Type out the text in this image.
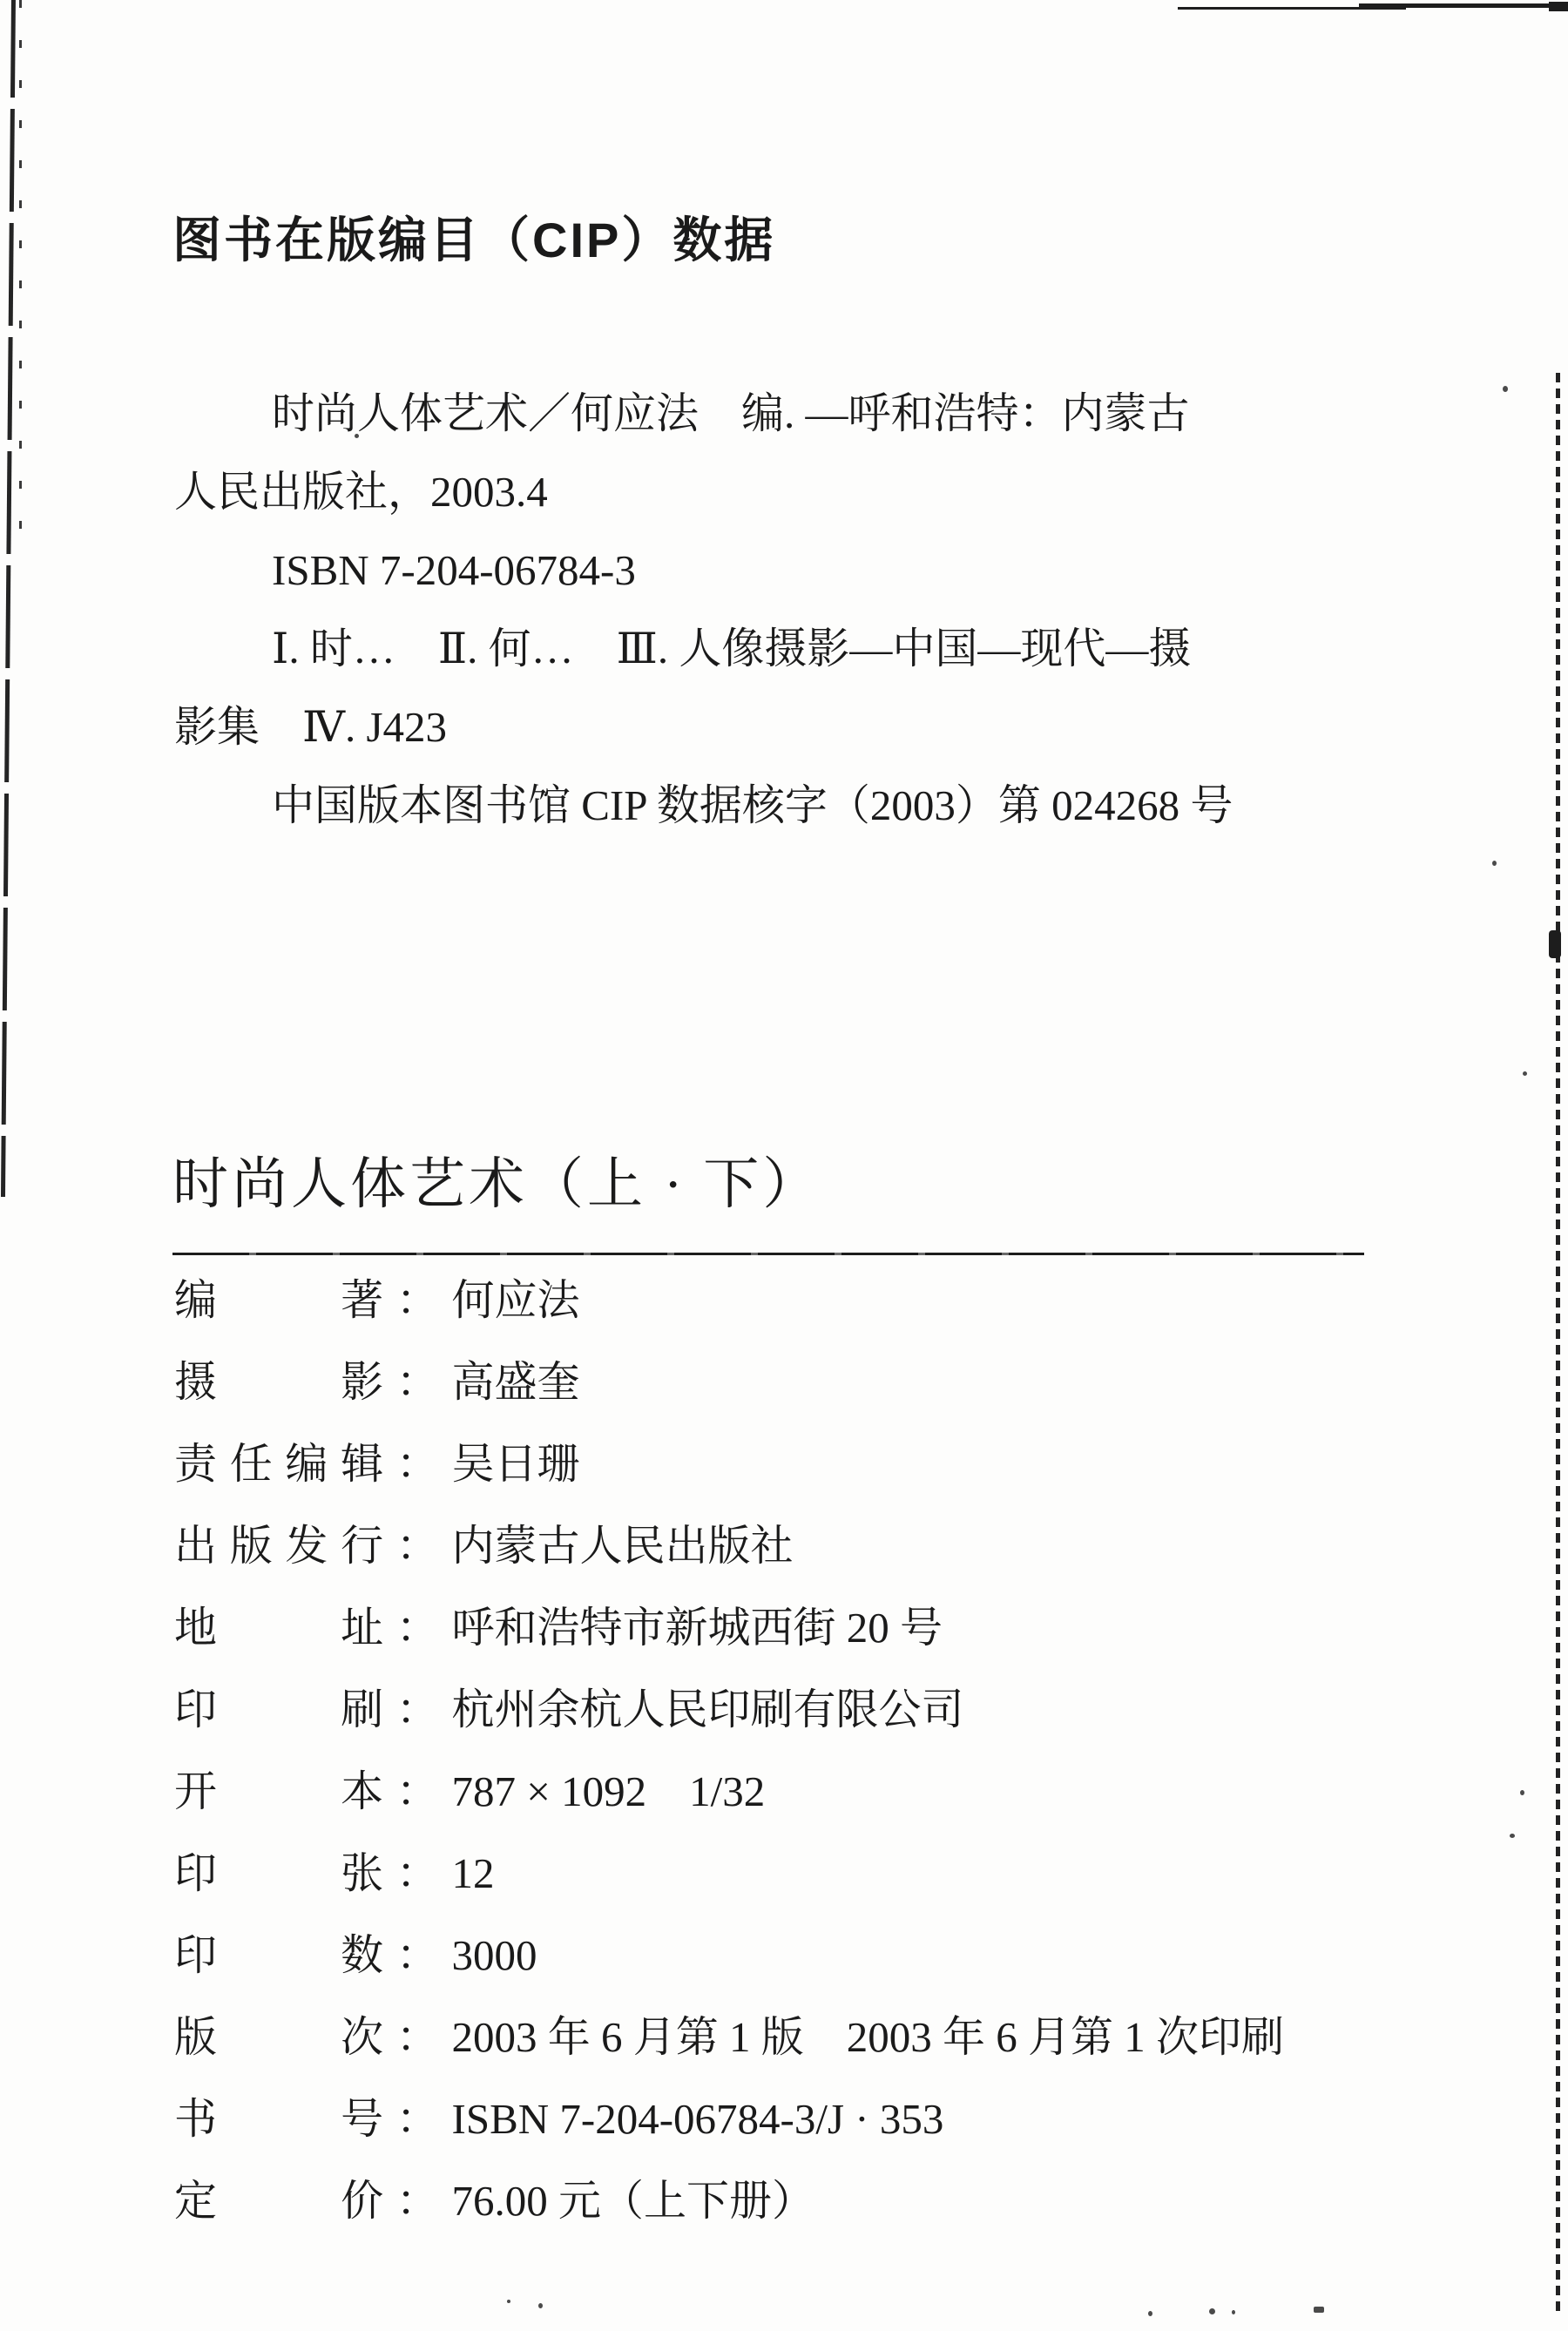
图书在版编目（CIP）数据
时尚人体艺术／何应法　编. —呼和浩特：内蒙古
人民出版社，2003.4
ISBN 7-204-06784-3
Ⅰ. 时…　Ⅱ. 何…　Ⅲ. 人像摄影—中国—现代—摄
影集　Ⅳ. J423
中国版本图书馆 CIP 数据核字（2003）第 024268 号
时尚人体艺术（上 · 下）
编　　著：何应法
摄　　影：高盛奎
责任编辑：吴日珊
出版发行：内蒙古人民出版社
地　　址：呼和浩特市新城西街 20 号
印　　刷：杭州余杭人民印刷有限公司
开　　本：787 × 1092　1/32
印　　张：12
印　　数：3000
版　　次：2003 年 6 月第 1 版　2003 年 6 月第 1 次印刷
书　　号：ISBN 7-204-06784-3/J · 353
定　　价：76.00 元（上下册）
